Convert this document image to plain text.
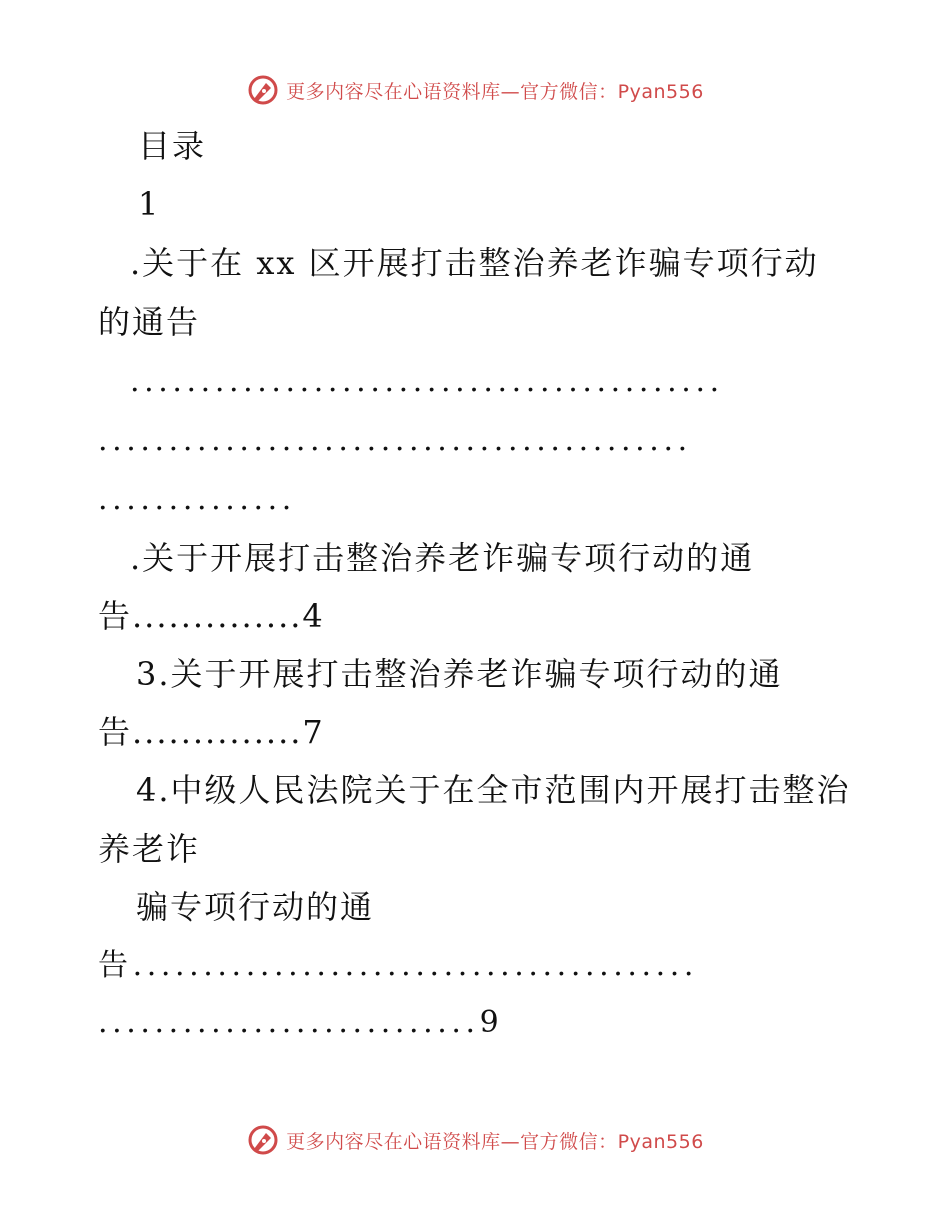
更多内容尽在心语资料库—官方微信：Pyan556
目录
1
.关于在 xx 区开展打击整治养老诈骗专项行动
的通告
..........................................
..........................................
..............
.关于开展打击整治养老诈骗专项行动的通
告..............4
3.关于开展打击整治养老诈骗专项行动的通
告..............7
4.中级人民法院关于在全市范围内开展打击整治
养老诈
骗专项行动的通
告........................................
...........................9
更多内容尽在心语资料库—官方微信：Pyan556
